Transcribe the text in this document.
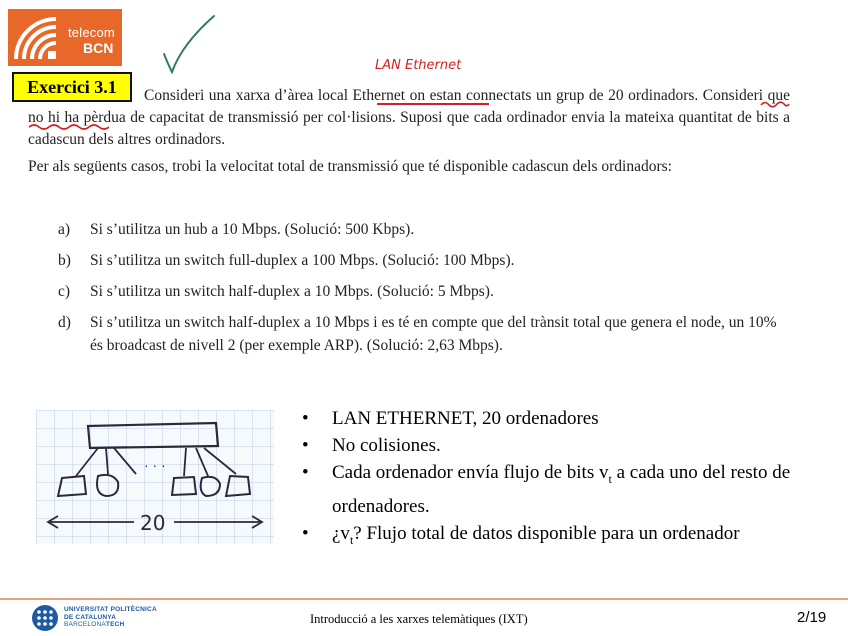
telecom
BCN
LAN Ethernet
Exercici 3.1	Consideri una xarxa d’àrea local Ethernet on estan connectats un grup de 20 ordinadors. Consideri que no hi ha pèrdua de capacitat de transmissió per col·lisions. Suposi que cada ordinador envia la mateixa quantitat de bits a cadascun dels altres ordinadors.

Per als següents casos, trobi la velocitat total de transmissió que té disponible cadascun dels ordinadors:

a)	Si s’utilitza un hub a 10 Mbps. (Solució: 500 Kbps).
b)	Si s’utilitza un switch full-duplex a 100 Mbps. (Solució: 100 Mbps).
c)	Si s’utilitza un switch half-duplex a 10 Mbps. (Solució: 5 Mbps).
d)	Si s’utilitza un switch half-duplex a 10 Mbps i es té en compte que del trànsit total que genera el node, un 10% és broadcast de nivell 2 (per exemple ARP). (Solució: 2,63 Mbps).
· · ·
20
•	LAN ETHERNET, 20 ordenadores
•	No colisiones.
•	Cada ordenador envía flujo de bits $v_t$ a cada uno del resto de ordenadores.
•	¿$v_t$? Flujo total de datos disponible para un ordenador
UNIVERSITAT POLITÈCNICA
DE CATALUNYA
BARCELONATECH	Introducció a les xarxes telemàtiques (IXT)	2/19
